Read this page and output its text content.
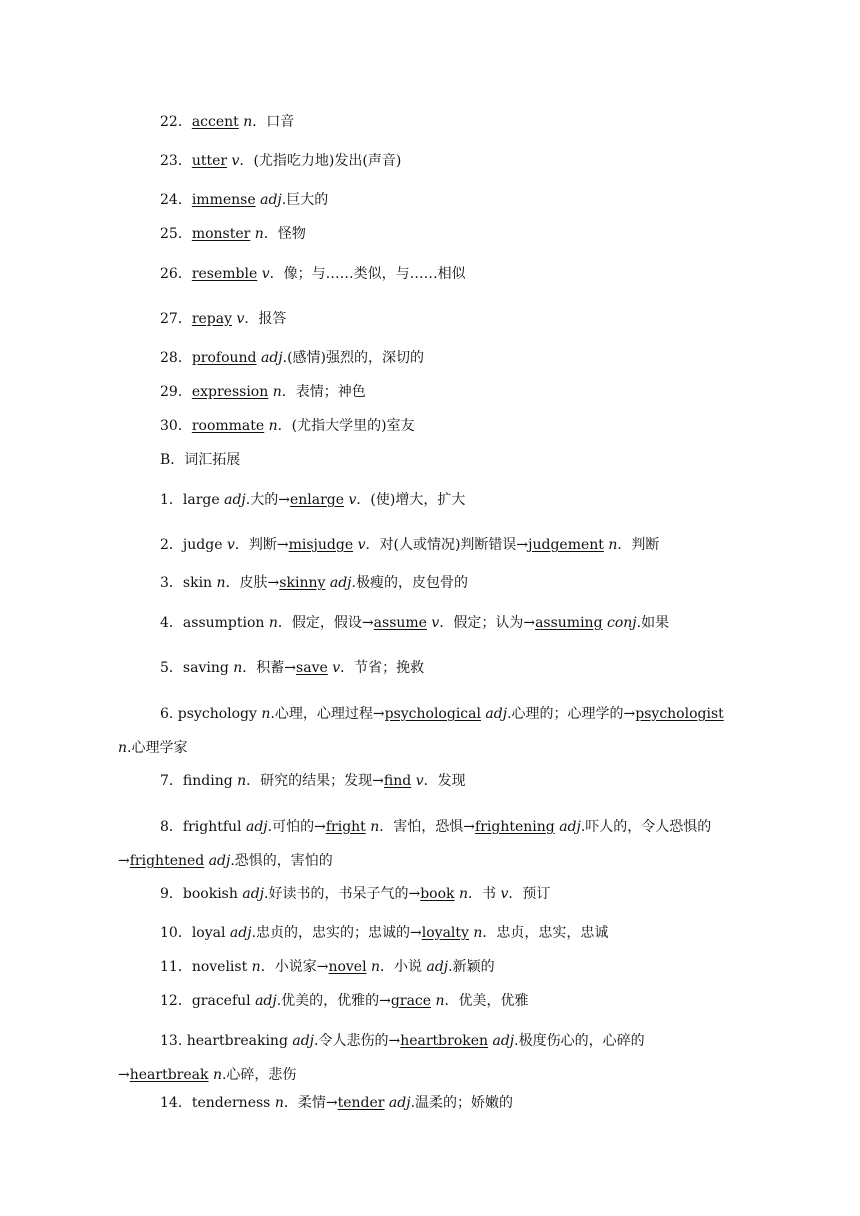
22．accent n．口音
23．utter v．(尤指吃力地)发出(声音)
24．immense adj.巨大的
25．monster n．怪物
26．resemble v．像；与……类似，与……相似
27．repay v．报答
28．profound adj.(感情)强烈的，深切的
29．expression n．表情；神色
30．roommate n．(尤指大学里的)室友
B．词汇拓展
1．large adj.大的→enlarge v．(使)增大，扩大
2．judge v．判断→misjudge v．对(人或情况)判断错误→judgement n．判断
3．skin n．皮肤→skinny adj.极瘦的，皮包骨的
4．assumption n．假定，假设→assume v．假定；认为→assuming conj.如果
5．saving n．积蓄→save v．节省；挽救
6. psychology n.心理，心理过程→psychological adj.心理的；心理学的→psychologist n.心理学家
7．finding n．研究的结果；发现→find v．发现
8．frightful adj.可怕的→fright n．害怕，恐惧→frightening adj.吓人的，令人恐惧的→frightened adj.恐惧的，害怕的
9．bookish adj.好读书的，书呆子气的→book n．书 v．预订
10．loyal adj.忠贞的，忠实的；忠诚的→loyalty n．忠贞，忠实，忠诚
11．novelist n．小说家→novel n．小说 adj.新颖的
12．graceful adj.优美的，优雅的→grace n．优美，优雅
13. heartbreaking adj.令人悲伤的→heartbroken adj.极度伤心的，心碎的→heartbreak n.心碎，悲伤
14．tenderness n．柔情→tender adj.温柔的；娇嫩的
